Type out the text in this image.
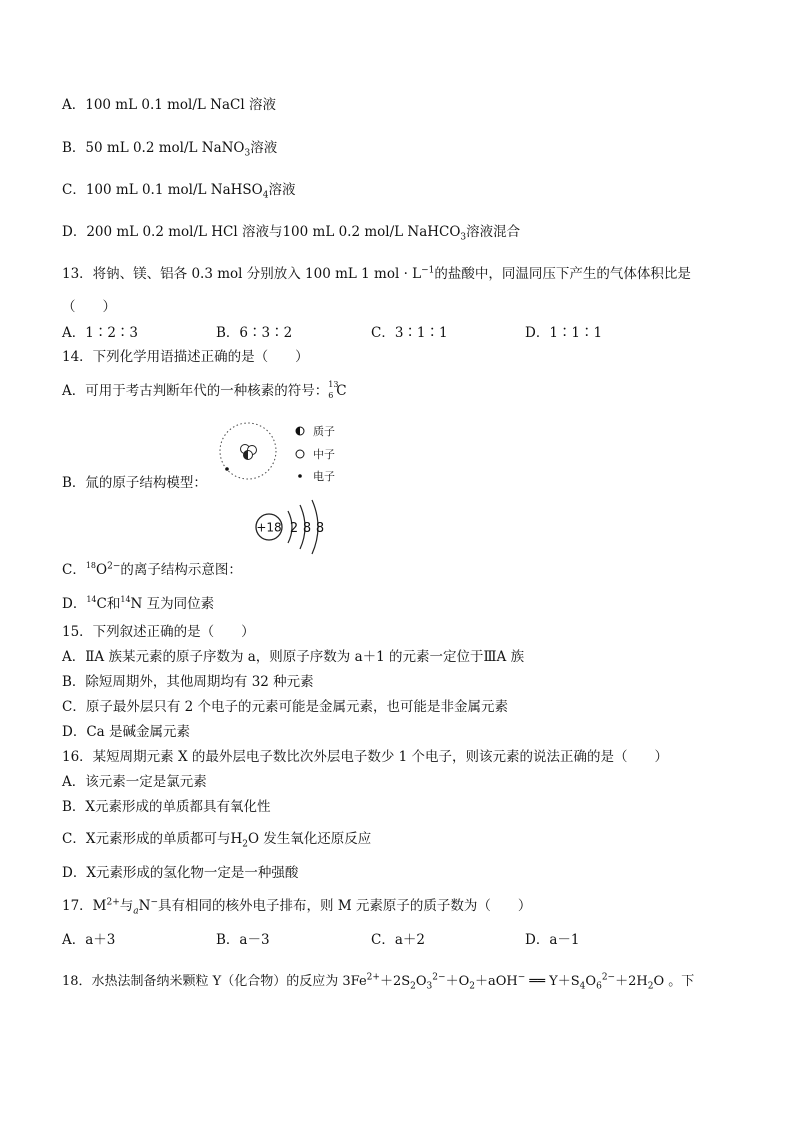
A．100 mL 0.1 mol/L NaCl 溶液
B．50 mL 0.2 mol/L NaNO$_3$溶液
C．100 mL 0.1 mol/L NaHSO$_4$溶液
D．200 mL 0.2 mol/L HCl 溶液与100 mL 0.2 mol/L NaHCO$_3$溶液混合
13．将钠、镁、铝各 0.3 mol 分别放入 100 mL 1 mol · $L^{-1}$的盐酸中，同温同压下产生的气体体积比是
（　　）
A．1∶2∶3	B．6∶3∶2	C．3∶1∶1	D．1∶1∶1
14．下列化学用语描述正确的是（　　）
A．可用于考古判断年代的一种核素的符号： 13
6 C
质子
中子
电子
B．氚的原子结构模型：
+18 2 8 8
C．$^{18}O^{2-}$的离子结构示意图：
D．$^{14}$C和$^{14}$N 互为同位素
15．下列叙述正确的是（　　）
A．ⅡA 族某元素的原子序数为 a，则原子序数为 a＋1 的元素一定位于ⅢA 族
B．除短周期外，其他周期均有 32 种元素
C．原子最外层只有 2 个电子的元素可能是金属元素，也可能是非金属元素
D．Ca 是碱金属元素
16．某短周期元素 X 的最外层电子数比次外层电子数少 1 个电子，则该元素的说法正确的是（　　）
A．该元素一定是氯元素
B．X元素形成的单质都具有氧化性
C．X元素形成的单质都可与$H_2O$ 发生氧化还原反应
D．X元素形成的氢化物一定是一种强酸
17．$M^{2+}$与$_a$N−具有相同的核外电子排布，则 M 元素原子的质子数为（　　）
A．a＋3	B．a－3	C．a＋2	D．a－1
18．水热法制备纳米颗粒 Y（化合物）的反应为 $3Fe^{2+}+2S_2O_3^{2-}+O_2+aOH^-$ ══ $Y+S_4O_6^{2-}+2H_2O$ 。下
